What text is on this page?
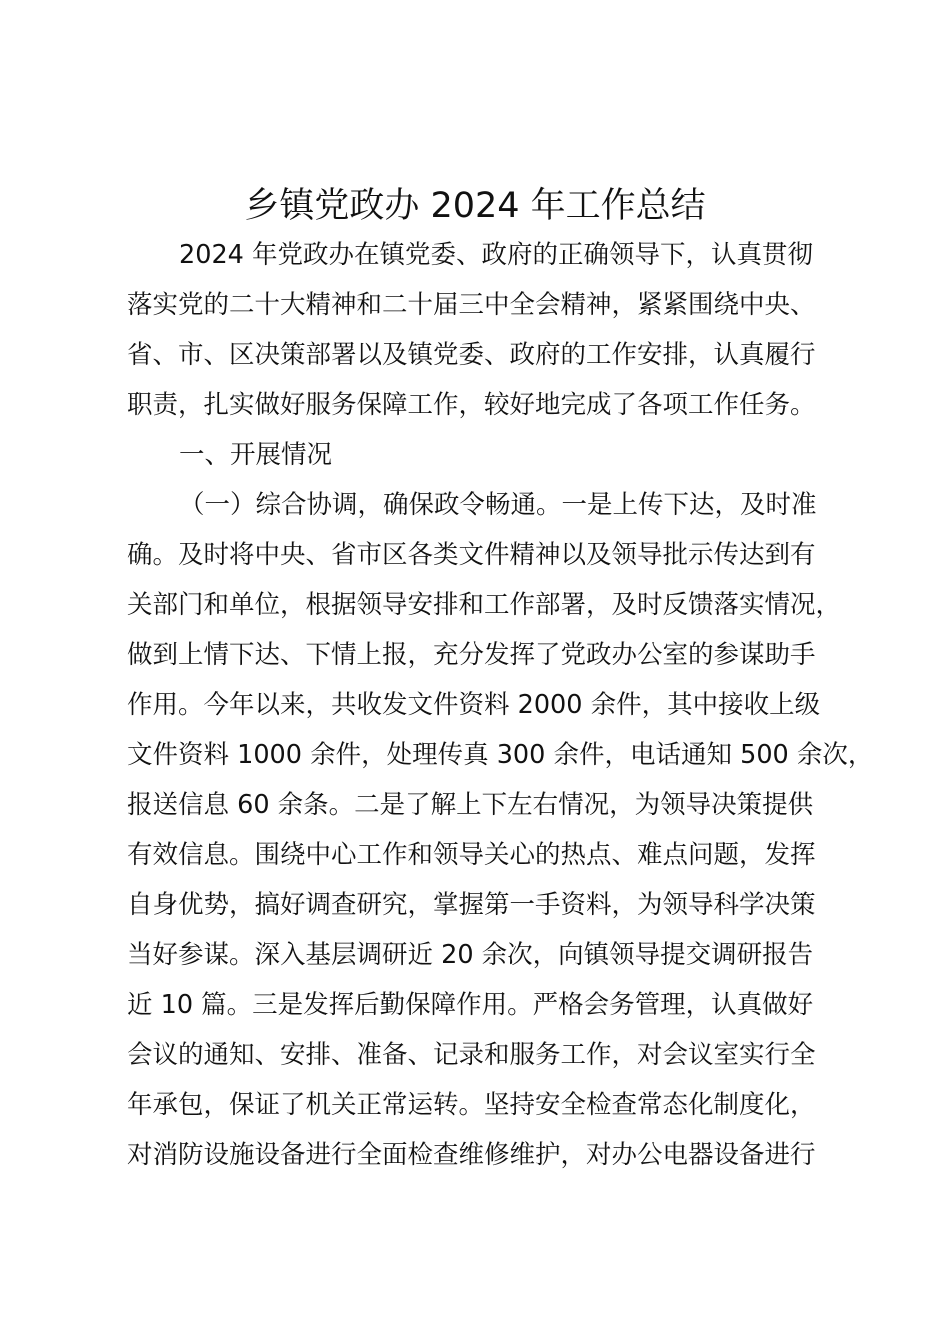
乡镇党政办 2024 年工作总结
2024 年党政办在镇党委、政府的正确领导下，认真贯彻
落实党的二十大精神和二十届三中全会精神，紧紧围绕中央、
省、市、区决策部署以及镇党委、政府的工作安排，认真履行
职责，扎实做好服务保障工作，较好地完成了各项工作任务。
一、开展情况
（一）综合协调，确保政令畅通。一是上传下达，及时准
确。及时将中央、省市区各类文件精神以及领导批示传达到有
关部门和单位，根据领导安排和工作部署，及时反馈落实情况，
做到上情下达、下情上报，充分发挥了党政办公室的参谋助手
作用。今年以来，共收发文件资料 2000 余件，其中接收上级
文件资料 1000 余件，处理传真 300 余件，电话通知 500 余次，
报送信息 60 余条。二是了解上下左右情况，为领导决策提供
有效信息。围绕中心工作和领导关心的热点、难点问题，发挥
自身优势，搞好调查研究，掌握第一手资料，为领导科学决策
当好参谋。深入基层调研近 20 余次，向镇领导提交调研报告
近 10 篇。三是发挥后勤保障作用。严格会务管理，认真做好
会议的通知、安排、准备、记录和服务工作，对会议室实行全
年承包，保证了机关正常运转。坚持安全检查常态化制度化，
对消防设施设备进行全面检查维修维护，对办公电器设备进行
